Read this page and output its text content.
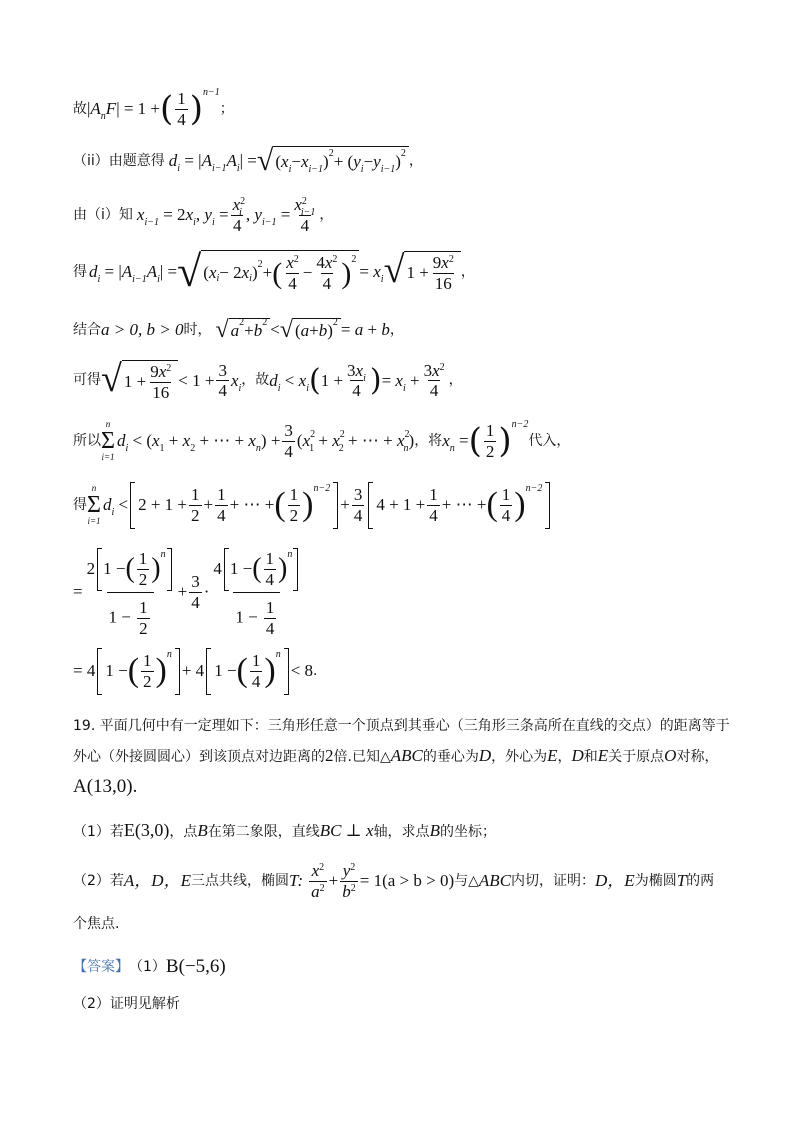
故 $|A_nF| = 1$ + ( $\frac{1}{4}$ ) n−1
；
（ii）由题意得 $d_i = |A_{i-1}A_i|$ = √ ( $x_i - x_{i-1}$ ) 2 + ( $y_i - y_{i-1}$ ) 2 ，
由（i）知 $x_{i-1} = 2x_i$, $y_i = \frac{x^2_i}{4}$ , $y_{i-1} = \frac{x^2_{i-1}}{4}$ ，
得 $d_i = |A_{i-1}A_i|$ = √ ( x i − 2 x i ) 2 + ( $\frac{x^2}{4} - \frac{4x^2}{4}$ ) 2
= $x_i$ √ $1 + \frac{9x^2}{16}$ ，
结合 a > 0, b > 0 时， √ a 2 + b 2 < √ ( a + b ) 2 = a + b ，
可得 √ $1 + \frac{9x^2}{16} < 1 + \frac{3}{4} x_i$ ，故 $d_i < x_i$ ( $1 + \frac{3x_i}{4}$ ) = $x_i + \frac{3x^2}{4}$ ，
所以
n
Σ
i=1
$d_i < (x_1 + x_2$ + ⋯ + $x_n) + \frac{3}{4} (x^2_1 + x^2_2$ + ⋯ + $x^2_n$) ，将 $x_n$ = ( $\frac{1}{2}$ ) n−2
代入，
得
n
Σ
i=1
$d_i < 2 + 1 + \frac{1}{2} + \frac{1}{4}$ + ⋯ + ( $\frac{1}{2}$ ) n−2
+ $\frac{3}{4} 4 + 1 + \frac{1}{4}$ + ⋯ + ( $\frac{1}{4}$ ) n−2
= $\frac{2 1 - ( \frac{1}{2} ) n}{1 - \frac{1}{2}} + \frac{3}{4} \cdot \frac{4 1 - ( \frac{1}{4} ) n}{1 - \frac{1}{4}}$
= 4 1 − ( $\frac{1}{2}$ ) n
+ 4 1 − ( $\frac{1}{4}$ ) n
< 8 .
19. 平面几何中有一定理如下：三角形任意一个顶点到其垂心（三角形三条高所在直线的交点）的距离等于
外心（外接圆圆心）到该顶点对边距离的2倍.已知△ABC的垂心为D，外心为E，D和E关于原点O对称，
A(13,0).
（1）若E(3,0)，点B在第二象限，直线BC ⊥ x轴，求点B的坐标；
（2）若 A，D，E 三点共线，椭圆 T: $\frac{x^2}{a^2} + \frac{y^2}{b^2} = 1(a > b > 0)$ 与△ ABC 内切，证明： D，E 为椭圆 T 的两
个焦点.
【答案】 （1） B(−5,6)
（2）证明见解析
